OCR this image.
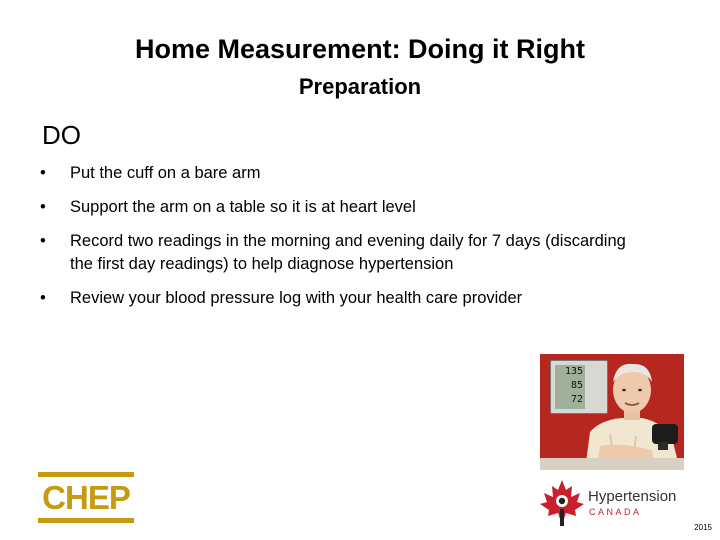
Home Measurement: Doing it Right
Preparation
DO
• Put the cuff on a bare arm
• Support the arm on a table so it is at heart level
• Record two readings in the morning and evening daily for 7 days (discarding the first day readings) to help diagnose hypertension
• Review your blood pressure log with your health care provider
135
85
72
CHEP	Hypertension
CANADA
2015
